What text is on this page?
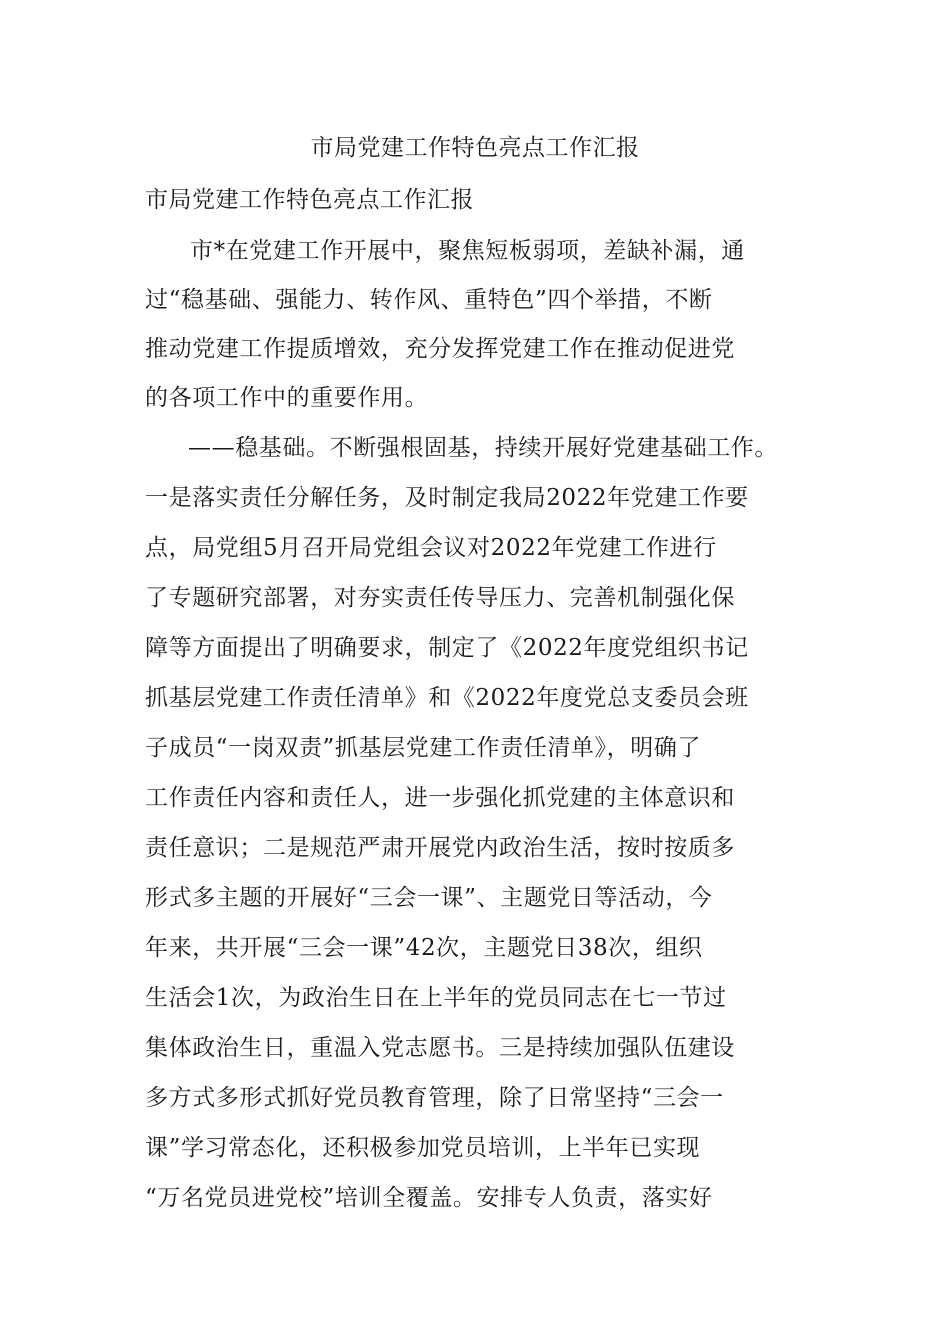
市局党建工作特色亮点工作汇报
市局党建工作特色亮点工作汇报
市*在党建工作开展中，聚焦短板弱项，差缺补漏，通
过“稳基础、强能力、转作风、重特色”四个举措，不断
推动党建工作提质增效，充分发挥党建工作在推动促进党
的各项工作中的重要作用。
——稳基础。不断强根固基，持续开展好党建基础工作。
一是落实责任分解任务，及时制定我局2022年党建工作要
点，局党组5月召开局党组会议对2022年党建工作进行
了专题研究部署，对夯实责任传导压力、完善机制强化保
障等方面提出了明确要求，制定了《2022年度党组织书记
抓基层党建工作责任清单》和《2022年度党总支委员会班
子成员“一岗双责”抓基层党建工作责任清单》，明确了
工作责任内容和责任人，进一步强化抓党建的主体意识和
责任意识；二是规范严肃开展党内政治生活，按时按质多
形式多主题的开展好“三会一课”、主题党日等活动，今
年来，共开展“三会一课”42次，主题党日38次，组织
生活会1次，为政治生日在上半年的党员同志在七一节过
集体政治生日，重温入党志愿书。三是持续加强队伍建设
多方式多形式抓好党员教育管理，除了日常坚持“三会一
课”学习常态化，还积极参加党员培训，上半年已实现
“万名党员进党校”培训全覆盖。安排专人负责，落实好
